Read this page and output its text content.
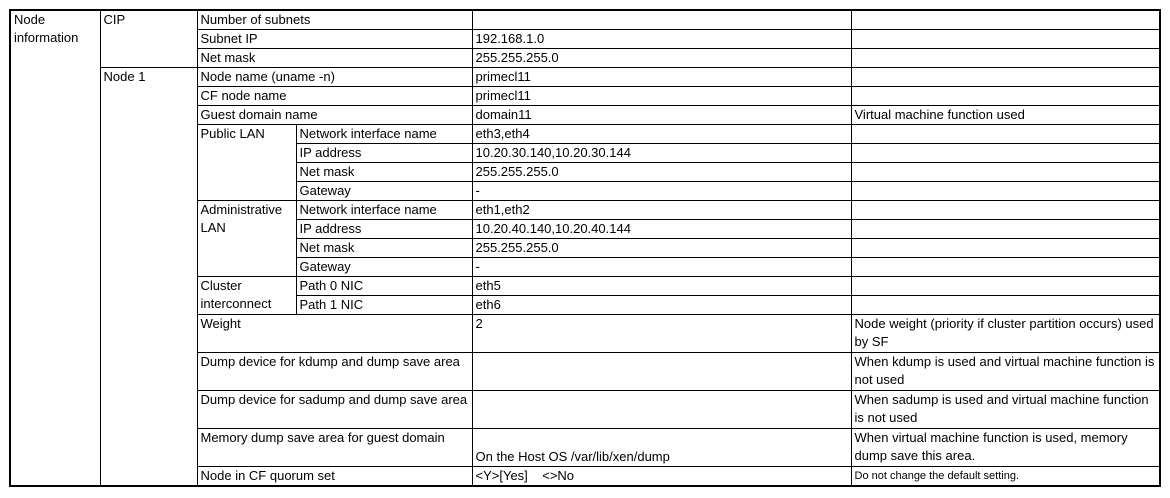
Node information	CIP	Number of subnets			
		Subnet IP		192.168.1.0	
		Net mask		255.255.255.0	
	Node 1	Node name (uname -n)		primecl11	
		CF node name		primecl11	
		Guest domain name		domain11	Virtual machine function used
		Public LAN	Network interface name	eth3,eth4	
			IP address	10.20.30.140,10.20.30.144	
			Net mask	255.255.255.0	
			Gateway	-	
		Administrative LAN	Network interface name	eth1,eth2	
			IP address	10.20.40.140,10.20.40.144	
			Net mask	255.255.255.0	
			Gateway	-	
		Cluster interconnect	Path 0 NIC	eth5	
			Path 1 NIC	eth6	
		Weight		2	Node weight (priority if cluster partition occurs) used by SF
		Dump device for kdump and dump save area			When kdump is used and virtual machine function is not used
		Dump device for sadump and dump save area			When sadump is used and virtual machine function is not used
		Memory dump save area for guest domain		On the Host OS /var/lib/xen/dump	When virtual machine function is used, memory dump save this area.
		Node in CF quorum set		<Y>[Yes]    <>No	Do not change the default setting.
